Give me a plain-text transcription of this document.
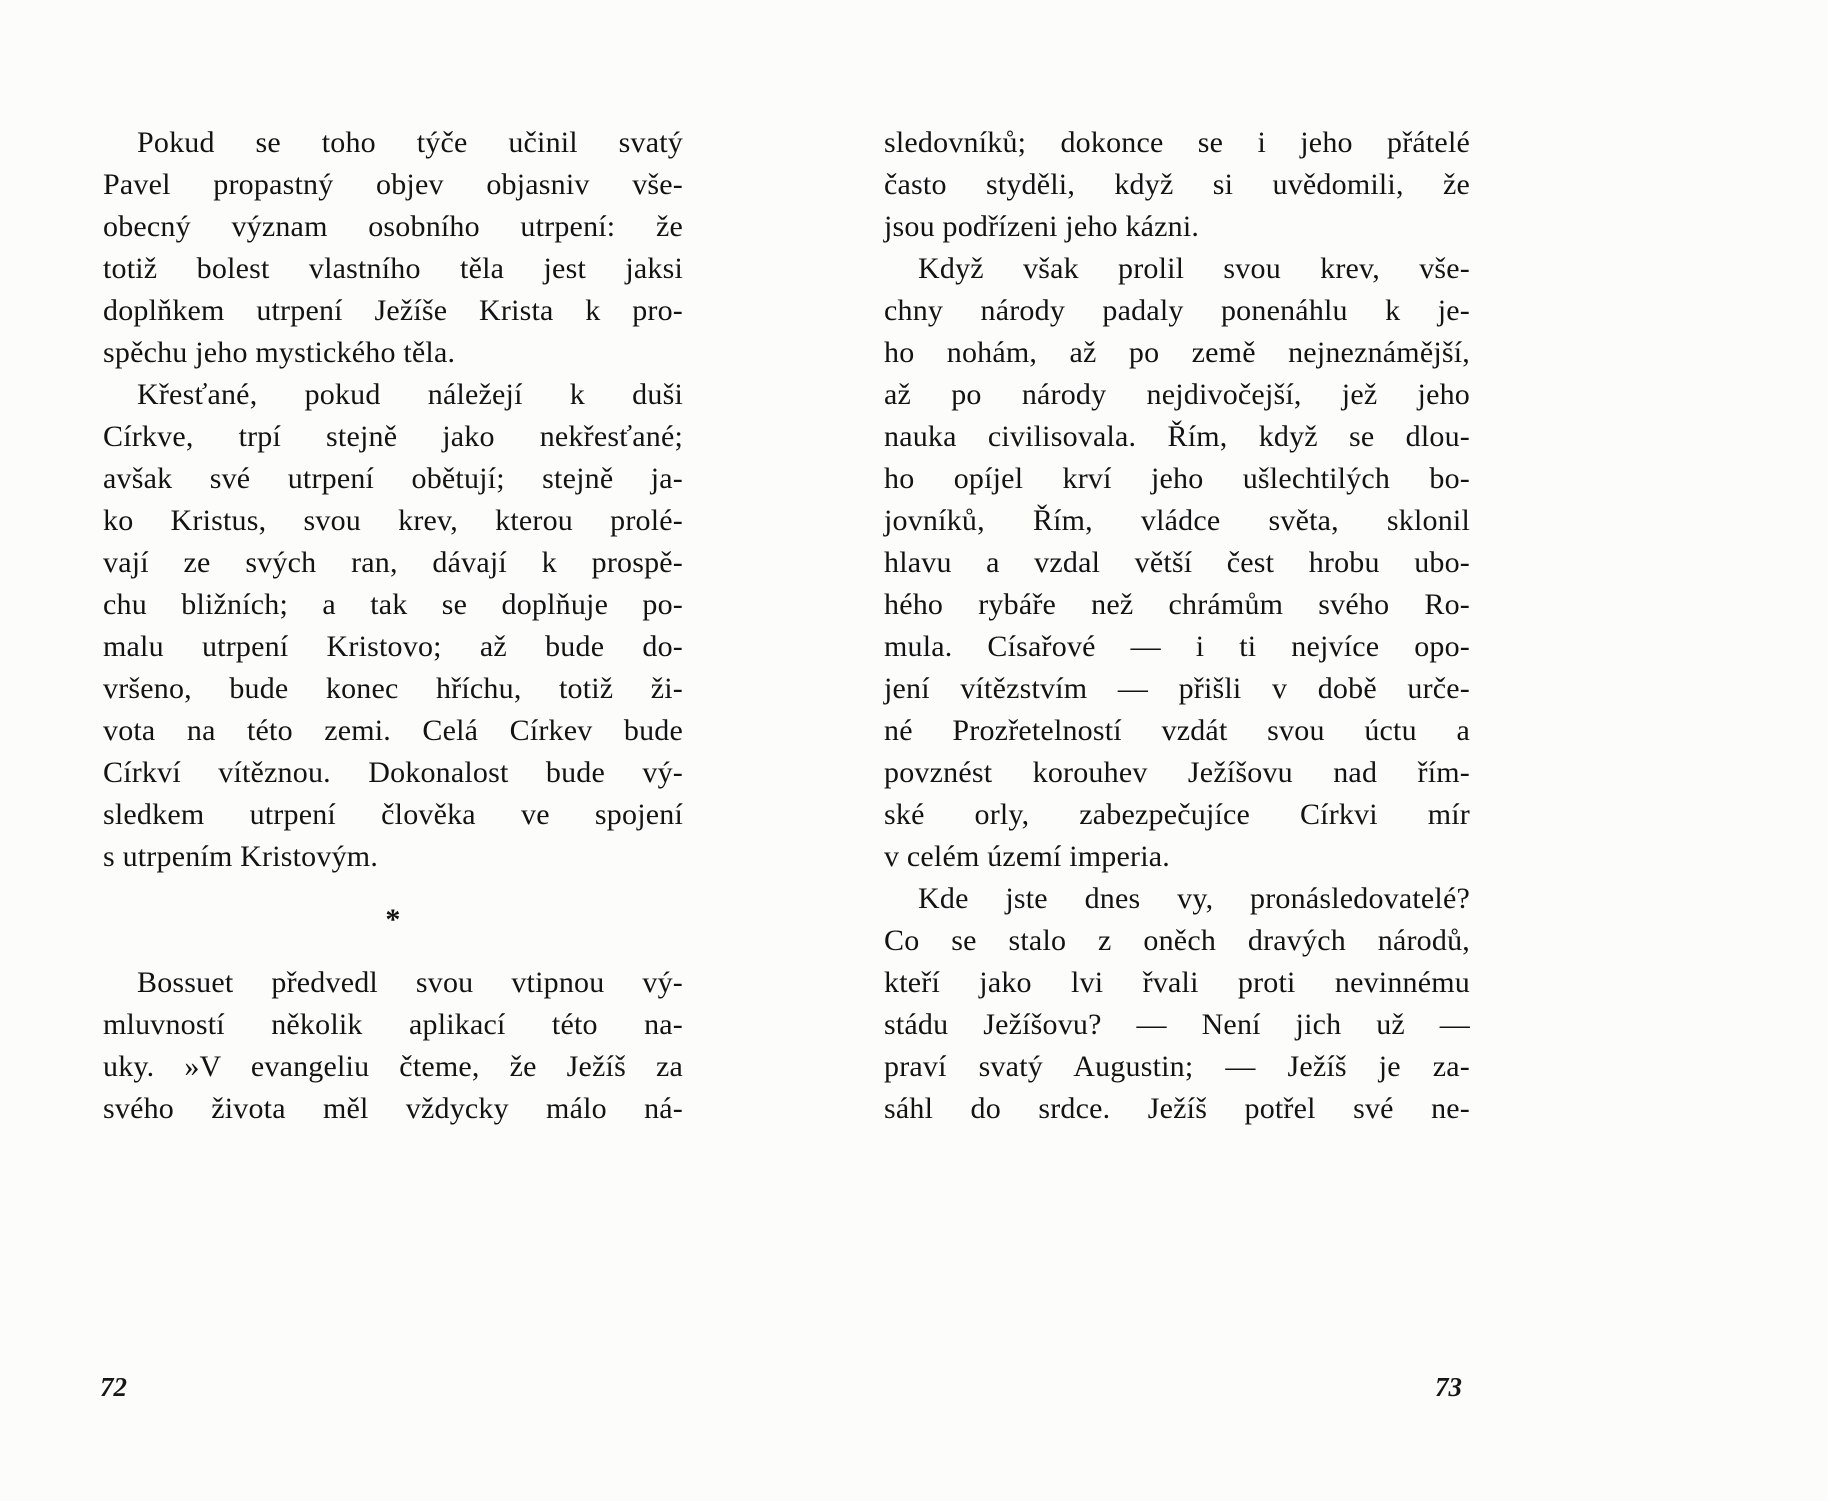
Pokud se toho týče učinil svatý
Pavel propastný objev objasniv vše-
obecný význam osobního utrpení: že
totiž bolest vlastního těla jest jaksi
doplňkem utrpení Ježíše Krista k pro-
spěchu jeho mystického těla.
Křesťané, pokud náležejí k duši
Církve, trpí stejně jako nekřesťané;
avšak své utrpení obětují; stejně ja-
ko Kristus, svou krev, kterou prolé-
vají ze svých ran, dávají k prospě-
chu bližních; a tak se doplňuje po-
malu utrpení Kristovo; až bude do-
vršeno, bude konec hříchu, totiž ži-
vota na této zemi. Celá Církev bude
Církví vítěznou. Dokonalost bude vý-
sledkem utrpení člověka ve spojení
s utrpením Kristovým.
*
Bossuet předvedl svou vtipnou vý-
mluvností několik aplikací této na-
uky. »V evangeliu čteme, že Ježíš za
svého života měl vždycky málo ná-
sledovníků; dokonce se i jeho přátelé
často styděli, když si uvědomili, že
jsou podřízeni jeho kázni.
Když však prolil svou krev, vše-
chny národy padaly ponenáhlu k je-
ho nohám, až po země nejneznámější,
až po národy nejdivočejší, jež jeho
nauka civilisovala. Řím, když se dlou-
ho opíjel krví jeho ušlechtilých bo-
jovníků, Řím, vládce světa, sklonil
hlavu a vzdal větší čest hrobu ubo-
hého rybáře než chrámům svého Ro-
mula. Císařové — i ti nejvíce opo-
jení vítězstvím — přišli v době urče-
né Prozřetelností vzdát svou úctu a
povznést korouhev Ježíšovu nad řím-
ské orly, zabezpečujíce Církvi mír
v celém území imperia.
Kde jste dnes vy, pronásledovatelé?
Co se stalo z oněch dravých národů,
kteří jako lvi řvali proti nevinnému
stádu Ježíšovu? — Není jich už —
praví svatý Augustin; — Ježíš je za-
sáhl do srdce. Ježíš potřel své ne-
72	73
